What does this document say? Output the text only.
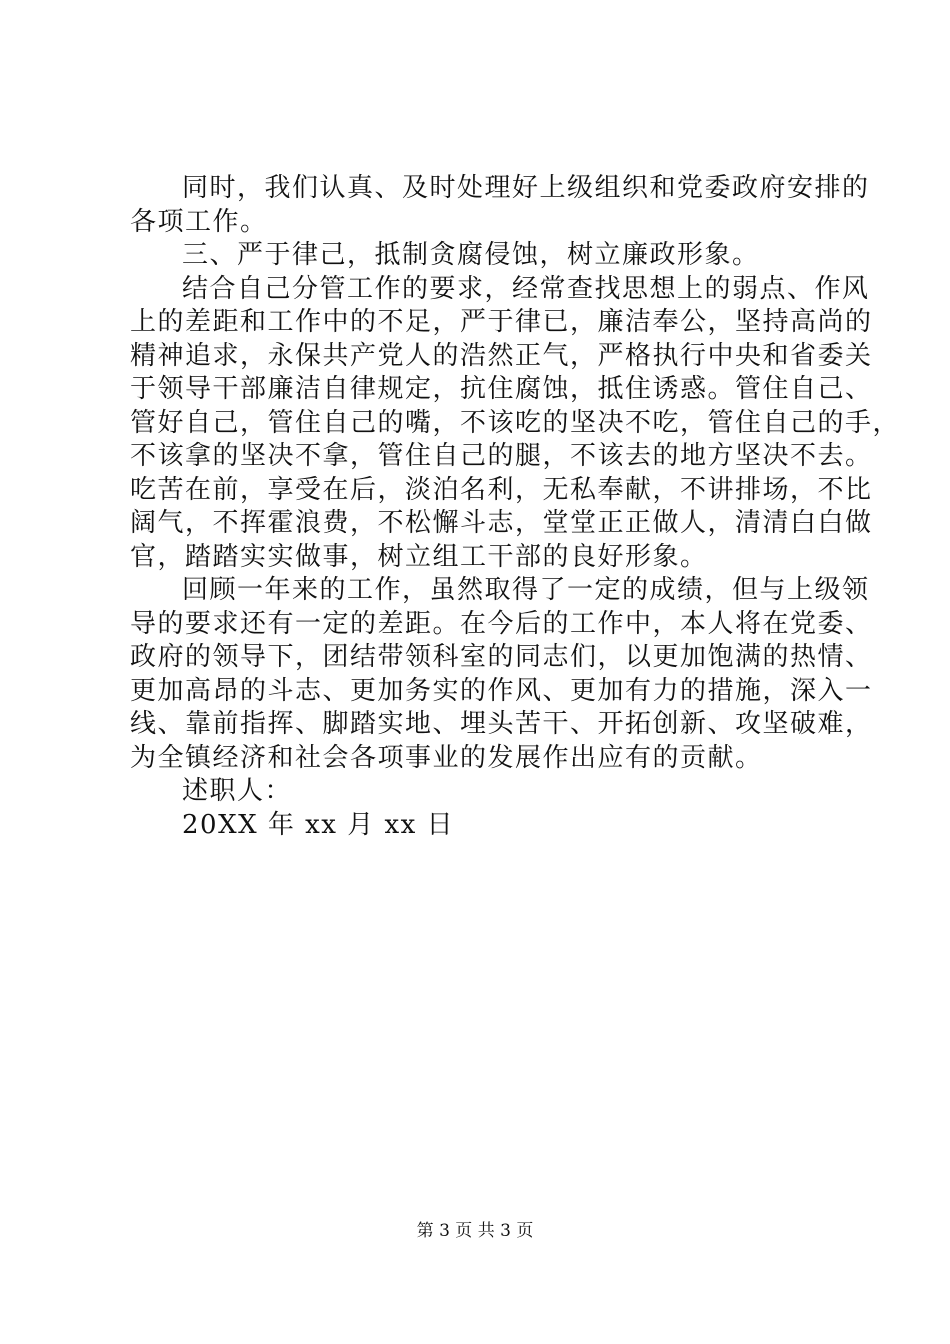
同时，我们认真、及时处理好上级组织和党委政府安排的
各项工作。
三、严于律己，抵制贪腐侵蚀，树立廉政形象。
结合自己分管工作的要求，经常查找思想上的弱点、作风
上的差距和工作中的不足，严于律已，廉洁奉公，坚持高尚的
精神追求，永保共产党人的浩然正气，严格执行中央和省委关
于领导干部廉洁自律规定，抗住腐蚀，抵住诱惑。管住自己、
管好自己，管住自己的嘴，不该吃的坚决不吃，管住自己的手，
不该拿的坚决不拿，管住自己的腿，不该去的地方坚决不去。
吃苦在前，享受在后，淡泊名利，无私奉献，不讲排场，不比
阔气，不挥霍浪费，不松懈斗志，堂堂正正做人，清清白白做
官，踏踏实实做事，树立组工干部的良好形象。
回顾一年来的工作，虽然取得了一定的成绩，但与上级领
导的要求还有一定的差距。在今后的工作中，本人将在党委、
政府的领导下，团结带领科室的同志们，以更加饱满的热情、
更加高昂的斗志、更加务实的作风、更加有力的措施，深入一
线、靠前指挥、脚踏实地、埋头苦干、开拓创新、攻坚破难，
为全镇经济和社会各项事业的发展作出应有的贡献。
述职人：
20XX 年 xx 月 xx 日
第 3 页 共 3 页
